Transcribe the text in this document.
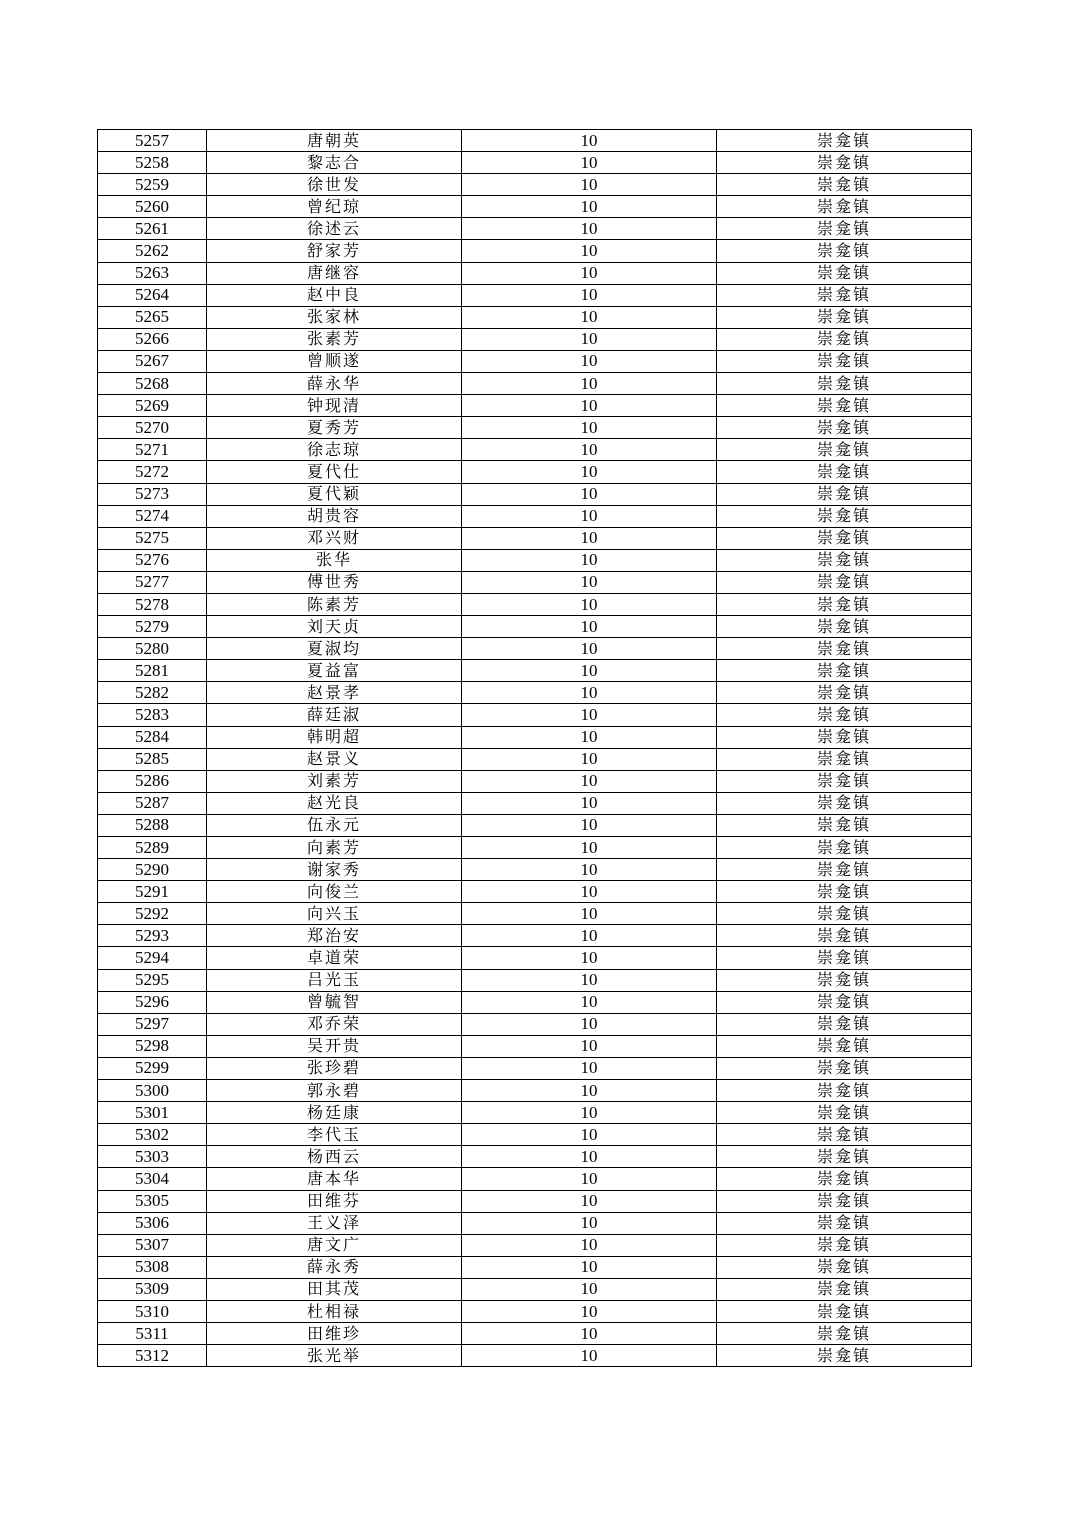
5257	唐朝英	10	崇龛镇
5258	黎志合	10	崇龛镇
5259	徐世发	10	崇龛镇
5260	曾纪琼	10	崇龛镇
5261	徐述云	10	崇龛镇
5262	舒家芳	10	崇龛镇
5263	唐继容	10	崇龛镇
5264	赵中良	10	崇龛镇
5265	张家林	10	崇龛镇
5266	张素芳	10	崇龛镇
5267	曾顺遂	10	崇龛镇
5268	薛永华	10	崇龛镇
5269	钟现清	10	崇龛镇
5270	夏秀芳	10	崇龛镇
5271	徐志琼	10	崇龛镇
5272	夏代仕	10	崇龛镇
5273	夏代颖	10	崇龛镇
5274	胡贵容	10	崇龛镇
5275	邓兴财	10	崇龛镇
5276	张华	10	崇龛镇
5277	傅世秀	10	崇龛镇
5278	陈素芳	10	崇龛镇
5279	刘天贞	10	崇龛镇
5280	夏淑均	10	崇龛镇
5281	夏益富	10	崇龛镇
5282	赵景孝	10	崇龛镇
5283	薛廷淑	10	崇龛镇
5284	韩明超	10	崇龛镇
5285	赵景义	10	崇龛镇
5286	刘素芳	10	崇龛镇
5287	赵光良	10	崇龛镇
5288	伍永元	10	崇龛镇
5289	向素芳	10	崇龛镇
5290	谢家秀	10	崇龛镇
5291	向俊兰	10	崇龛镇
5292	向兴玉	10	崇龛镇
5293	郑治安	10	崇龛镇
5294	卓道荣	10	崇龛镇
5295	吕光玉	10	崇龛镇
5296	曾毓智	10	崇龛镇
5297	邓乔荣	10	崇龛镇
5298	吴开贵	10	崇龛镇
5299	张珍碧	10	崇龛镇
5300	郭永碧	10	崇龛镇
5301	杨廷康	10	崇龛镇
5302	李代玉	10	崇龛镇
5303	杨西云	10	崇龛镇
5304	唐本华	10	崇龛镇
5305	田维芬	10	崇龛镇
5306	王义泽	10	崇龛镇
5307	唐文广	10	崇龛镇
5308	薛永秀	10	崇龛镇
5309	田其茂	10	崇龛镇
5310	杜相禄	10	崇龛镇
5311	田维珍	10	崇龛镇
5312	张光举	10	崇龛镇
